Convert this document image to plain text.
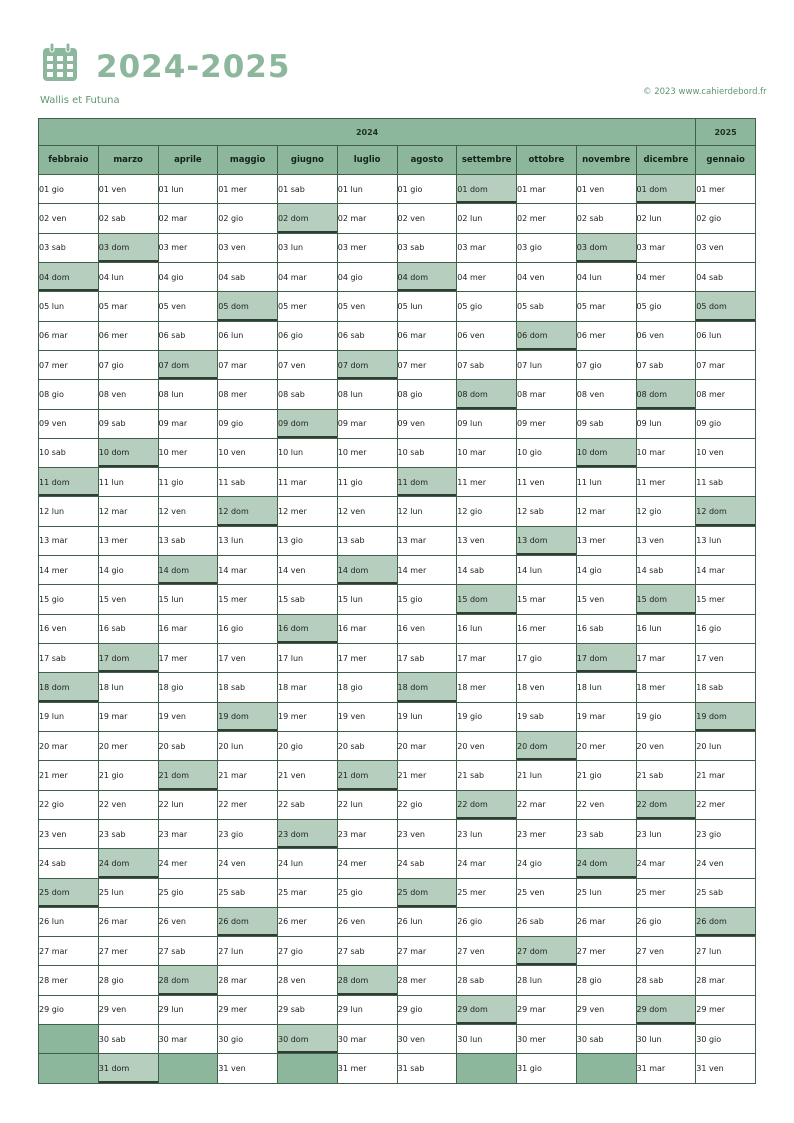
2024-2025
Wallis et Futuna
© 2023 www.cahierdebord.fr
2024											2025
febbraio	marzo	aprile	maggio	giugno	luglio	agosto	settembre	ottobre	novembre	dicembre	gennaio
01 gio	01 ven	01 lun	01 mer	01 sab	01 lun	01 gio	01 dom	01 mar	01 ven	01 dom	01 mer
02 ven	02 sab	02 mar	02 gio	02 dom	02 mar	02 ven	02 lun	02 mer	02 sab	02 lun	02 gio
03 sab	03 dom	03 mer	03 ven	03 lun	03 mer	03 sab	03 mar	03 gio	03 dom	03 mar	03 ven
04 dom	04 lun	04 gio	04 sab	04 mar	04 gio	04 dom	04 mer	04 ven	04 lun	04 mer	04 sab
05 lun	05 mar	05 ven	05 dom	05 mer	05 ven	05 lun	05 gio	05 sab	05 mar	05 gio	05 dom
06 mar	06 mer	06 sab	06 lun	06 gio	06 sab	06 mar	06 ven	06 dom	06 mer	06 ven	06 lun
07 mer	07 gio	07 dom	07 mar	07 ven	07 dom	07 mer	07 sab	07 lun	07 gio	07 sab	07 mar
08 gio	08 ven	08 lun	08 mer	08 sab	08 lun	08 gio	08 dom	08 mar	08 ven	08 dom	08 mer
09 ven	09 sab	09 mar	09 gio	09 dom	09 mar	09 ven	09 lun	09 mer	09 sab	09 lun	09 gio
10 sab	10 dom	10 mer	10 ven	10 lun	10 mer	10 sab	10 mar	10 gio	10 dom	10 mar	10 ven
11 dom	11 lun	11 gio	11 sab	11 mar	11 gio	11 dom	11 mer	11 ven	11 lun	11 mer	11 sab
12 lun	12 mar	12 ven	12 dom	12 mer	12 ven	12 lun	12 gio	12 sab	12 mar	12 gio	12 dom
13 mar	13 mer	13 sab	13 lun	13 gio	13 sab	13 mar	13 ven	13 dom	13 mer	13 ven	13 lun
14 mer	14 gio	14 dom	14 mar	14 ven	14 dom	14 mer	14 sab	14 lun	14 gio	14 sab	14 mar
15 gio	15 ven	15 lun	15 mer	15 sab	15 lun	15 gio	15 dom	15 mar	15 ven	15 dom	15 mer
16 ven	16 sab	16 mar	16 gio	16 dom	16 mar	16 ven	16 lun	16 mer	16 sab	16 lun	16 gio
17 sab	17 dom	17 mer	17 ven	17 lun	17 mer	17 sab	17 mar	17 gio	17 dom	17 mar	17 ven
18 dom	18 lun	18 gio	18 sab	18 mar	18 gio	18 dom	18 mer	18 ven	18 lun	18 mer	18 sab
19 lun	19 mar	19 ven	19 dom	19 mer	19 ven	19 lun	19 gio	19 sab	19 mar	19 gio	19 dom
20 mar	20 mer	20 sab	20 lun	20 gio	20 sab	20 mar	20 ven	20 dom	20 mer	20 ven	20 lun
21 mer	21 gio	21 dom	21 mar	21 ven	21 dom	21 mer	21 sab	21 lun	21 gio	21 sab	21 mar
22 gio	22 ven	22 lun	22 mer	22 sab	22 lun	22 gio	22 dom	22 mar	22 ven	22 dom	22 mer
23 ven	23 sab	23 mar	23 gio	23 dom	23 mar	23 ven	23 lun	23 mer	23 sab	23 lun	23 gio
24 sab	24 dom	24 mer	24 ven	24 lun	24 mer	24 sab	24 mar	24 gio	24 dom	24 mar	24 ven
25 dom	25 lun	25 gio	25 sab	25 mar	25 gio	25 dom	25 mer	25 ven	25 lun	25 mer	25 sab
26 lun	26 mar	26 ven	26 dom	26 mer	26 ven	26 lun	26 gio	26 sab	26 mar	26 gio	26 dom
27 mar	27 mer	27 sab	27 lun	27 gio	27 sab	27 mar	27 ven	27 dom	27 mer	27 ven	27 lun
28 mer	28 gio	28 dom	28 mar	28 ven	28 dom	28 mer	28 sab	28 lun	28 gio	28 sab	28 mar
29 gio	29 ven	29 lun	29 mer	29 sab	29 lun	29 gio	29 dom	29 mar	29 ven	29 dom	29 mer
	30 sab	30 mar	30 gio	30 dom	30 mar	30 ven	30 lun	30 mer	30 sab	30 lun	30 gio
	31 dom		31 ven		31 mer	31 sab		31 gio		31 mar	31 ven
